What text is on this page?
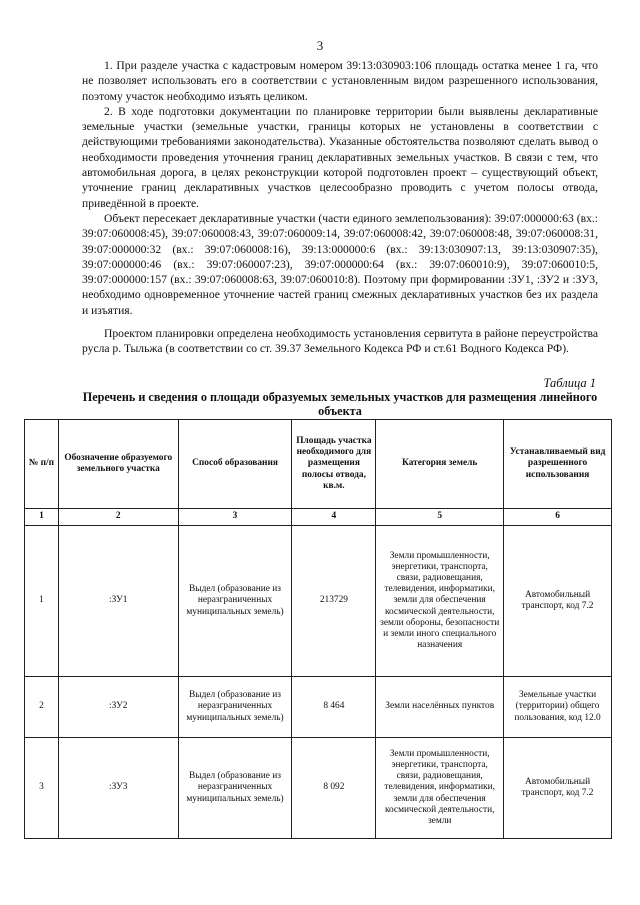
3

1. При разделе участка с кадастровым номером 39:13:030903:106 площадь остатка менее 1 га, что не позволяет использовать его в соответствии с установленным видом разрешенного использования, поэтому участок необходимо изъять целиком.

2. В ходе подготовки документации по планировке территории были выявлены декларативные земельные участки (земельные участки, границы которых не установлены в соответствии с действующими требованиями законодательства). Указанные обстоятельства позволяют сделать вывод о необходимости проведения уточнения границ декларативных земельных участков. В связи с тем, что автомобильная дорога, в целях реконструкции которой подготовлен проект – существующий объект, уточнение границ декларативных участков целесообразно проводить с учетом полосы отвода, приведённой в проекте.

Объект пересекает декларативные участки (части единого землепользования): 39:07:000000:63 (вх.: 39:07:060008:45), 39:07:060008:43, 39:07:060009:14, 39:07:060008:42, 39:07:060008:48, 39:07:060008:31, 39:07:000000:32 (вх.: 39:07:060008:16), 39:13:000000:6 (вх.: 39:13:030907:13, 39:13:030907:35), 39:07:000000:46 (вх.: 39:07:060007:23), 39:07:000000:64 (вх.: 39:07:060010:9), 39:07:060010:5, 39:07:000000:157 (вх.: 39:07:060008:63, 39:07:060010:8). Поэтому при формировании :ЗУ1, :ЗУ2 и :ЗУ3, необходимо одновременное уточнение частей границ смежных декларативных участков без их раздела и изъятия.

Проектом планировки определена необходимость установления сервитута в районе переустройства русла р. Тыльжа (в соответствии со ст. 39.37 Земельного Кодекса РФ и ст.61 Водного Кодекса РФ).

Таблица 1
Перечень и сведения о площади образуемых земельных участков для размещения линейного объекта
№ п/п	Обозначение образуемого земельного участка	Способ образования	Площадь участка необходимого для размещения полосы отвода, кв.м.	Категория земель	Устанавливаемый вид разрешенного использования
1	2	3	4	5	6
1	:ЗУ1	Выдел (образование из неразграниченных муниципальных земель)	213729	Земли промышленности, энергетики, транспорта, связи, радиовещания, телевидения, информатики, земли для обеспечения космической деятельности, земли обороны, безопасности и земли иного специального назначения	Автомобильный транспорт, код 7.2
2	:ЗУ2	Выдел (образование из неразграниченных муниципальных земель)	8 464	Земли населённых пунктов	Земельные участки (территории) общего пользования, код 12.0
3	:ЗУ3	Выдел (образование из неразграниченных муниципальных земель)	8 092	Земли промышленности, энергетики, транспорта, связи, радиовещания, телевидения, информатики, земли для обеспечения космической деятельности, земли	Автомобильный транспорт, код 7.2
